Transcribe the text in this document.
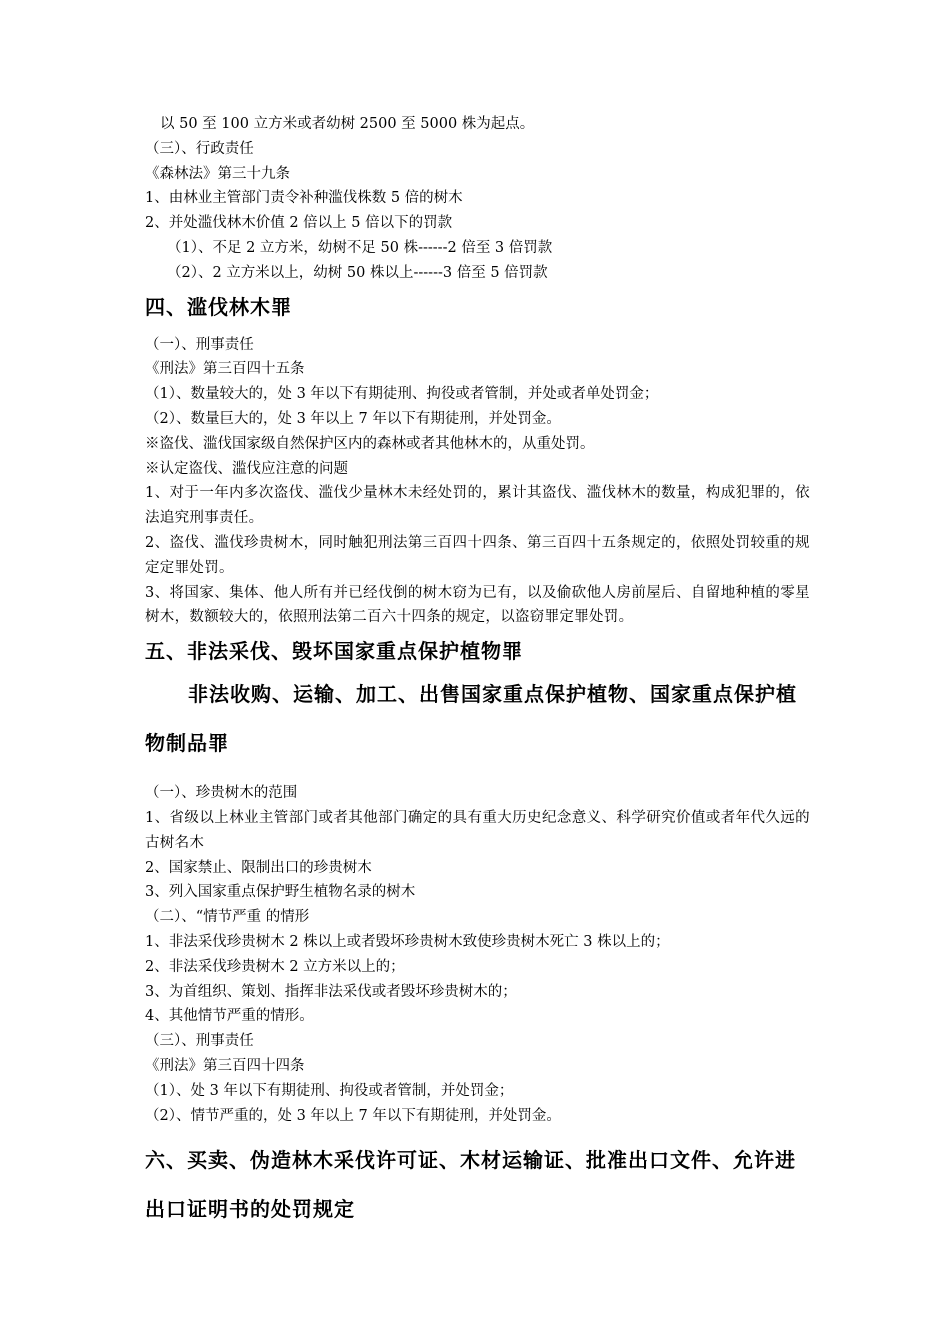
以 50 至 100 立方米或者幼树 2500 至 5000 株为起点。

（三）、行政责任

《森林法》第三十九条

1、由林业主管部门责令补种滥伐株数 5 倍的树木

2、并处滥伐林木价值 2 倍以上 5 倍以下的罚款

（1）、不足 2 立方米，幼树不足 50 株------2 倍至 3 倍罚款

（2）、2 立方米以上，幼树 50 株以上------3 倍至 5 倍罚款

四、滥伐林木罪

（一）、刑事责任

《刑法》第三百四十五条

（1）、数量较大的，处 3 年以下有期徒刑、拘役或者管制，并处或者单处罚金；

（2）、数量巨大的，处 3 年以上 7 年以下有期徒刑，并处罚金。

※盗伐、滥伐国家级自然保护区内的森林或者其他林木的，从重处罚。

※认定盗伐、滥伐应注意的问题

1、对于一年内多次盗伐、滥伐少量林木未经处罚的，累计其盗伐、滥伐林木的数量，构成犯罪的，依法追究刑事责任。

2、盗伐、滥伐珍贵树木，同时触犯刑法第三百四十四条、第三百四十五条规定的，依照处罚较重的规定定罪处罚。

3、将国家、集体、他人所有并已经伐倒的树木窃为已有，以及偷砍他人房前屋后、自留地种植的零星树木，数额较大的，依照刑法第二百六十四条的规定，以盗窃罪定罪处罚。

五、非法采伐、毁坏国家重点保护植物罪
非法收购、运输、加工、出售国家重点保护植物、国家重点保护植物制品罪

（一）、珍贵树木的范围

1、省级以上林业主管部门或者其他部门确定的具有重大历史纪念意义、科学研究价值或者年代久远的古树名木

2、国家禁止、限制出口的珍贵树木

3、列入国家重点保护野生植物名录的树木

（二）、“情节严重 的情形

1、非法采伐珍贵树木 2 株以上或者毁坏珍贵树木致使珍贵树木死亡 3 株以上的；

2、非法采伐珍贵树木 2 立方米以上的；

3、为首组织、策划、指挥非法采伐或者毁坏珍贵树木的；

4、其他情节严重的情形。

（三）、刑事责任

《刑法》第三百四十四条

（1）、处 3 年以下有期徒刑、拘役或者管制，并处罚金；

（2）、情节严重的，处 3 年以上 7 年以下有期徒刑，并处罚金。

六、买卖、伪造林木采伐许可证、木材运输证、批准出口文件、允许进出口证明书的处罚规定
